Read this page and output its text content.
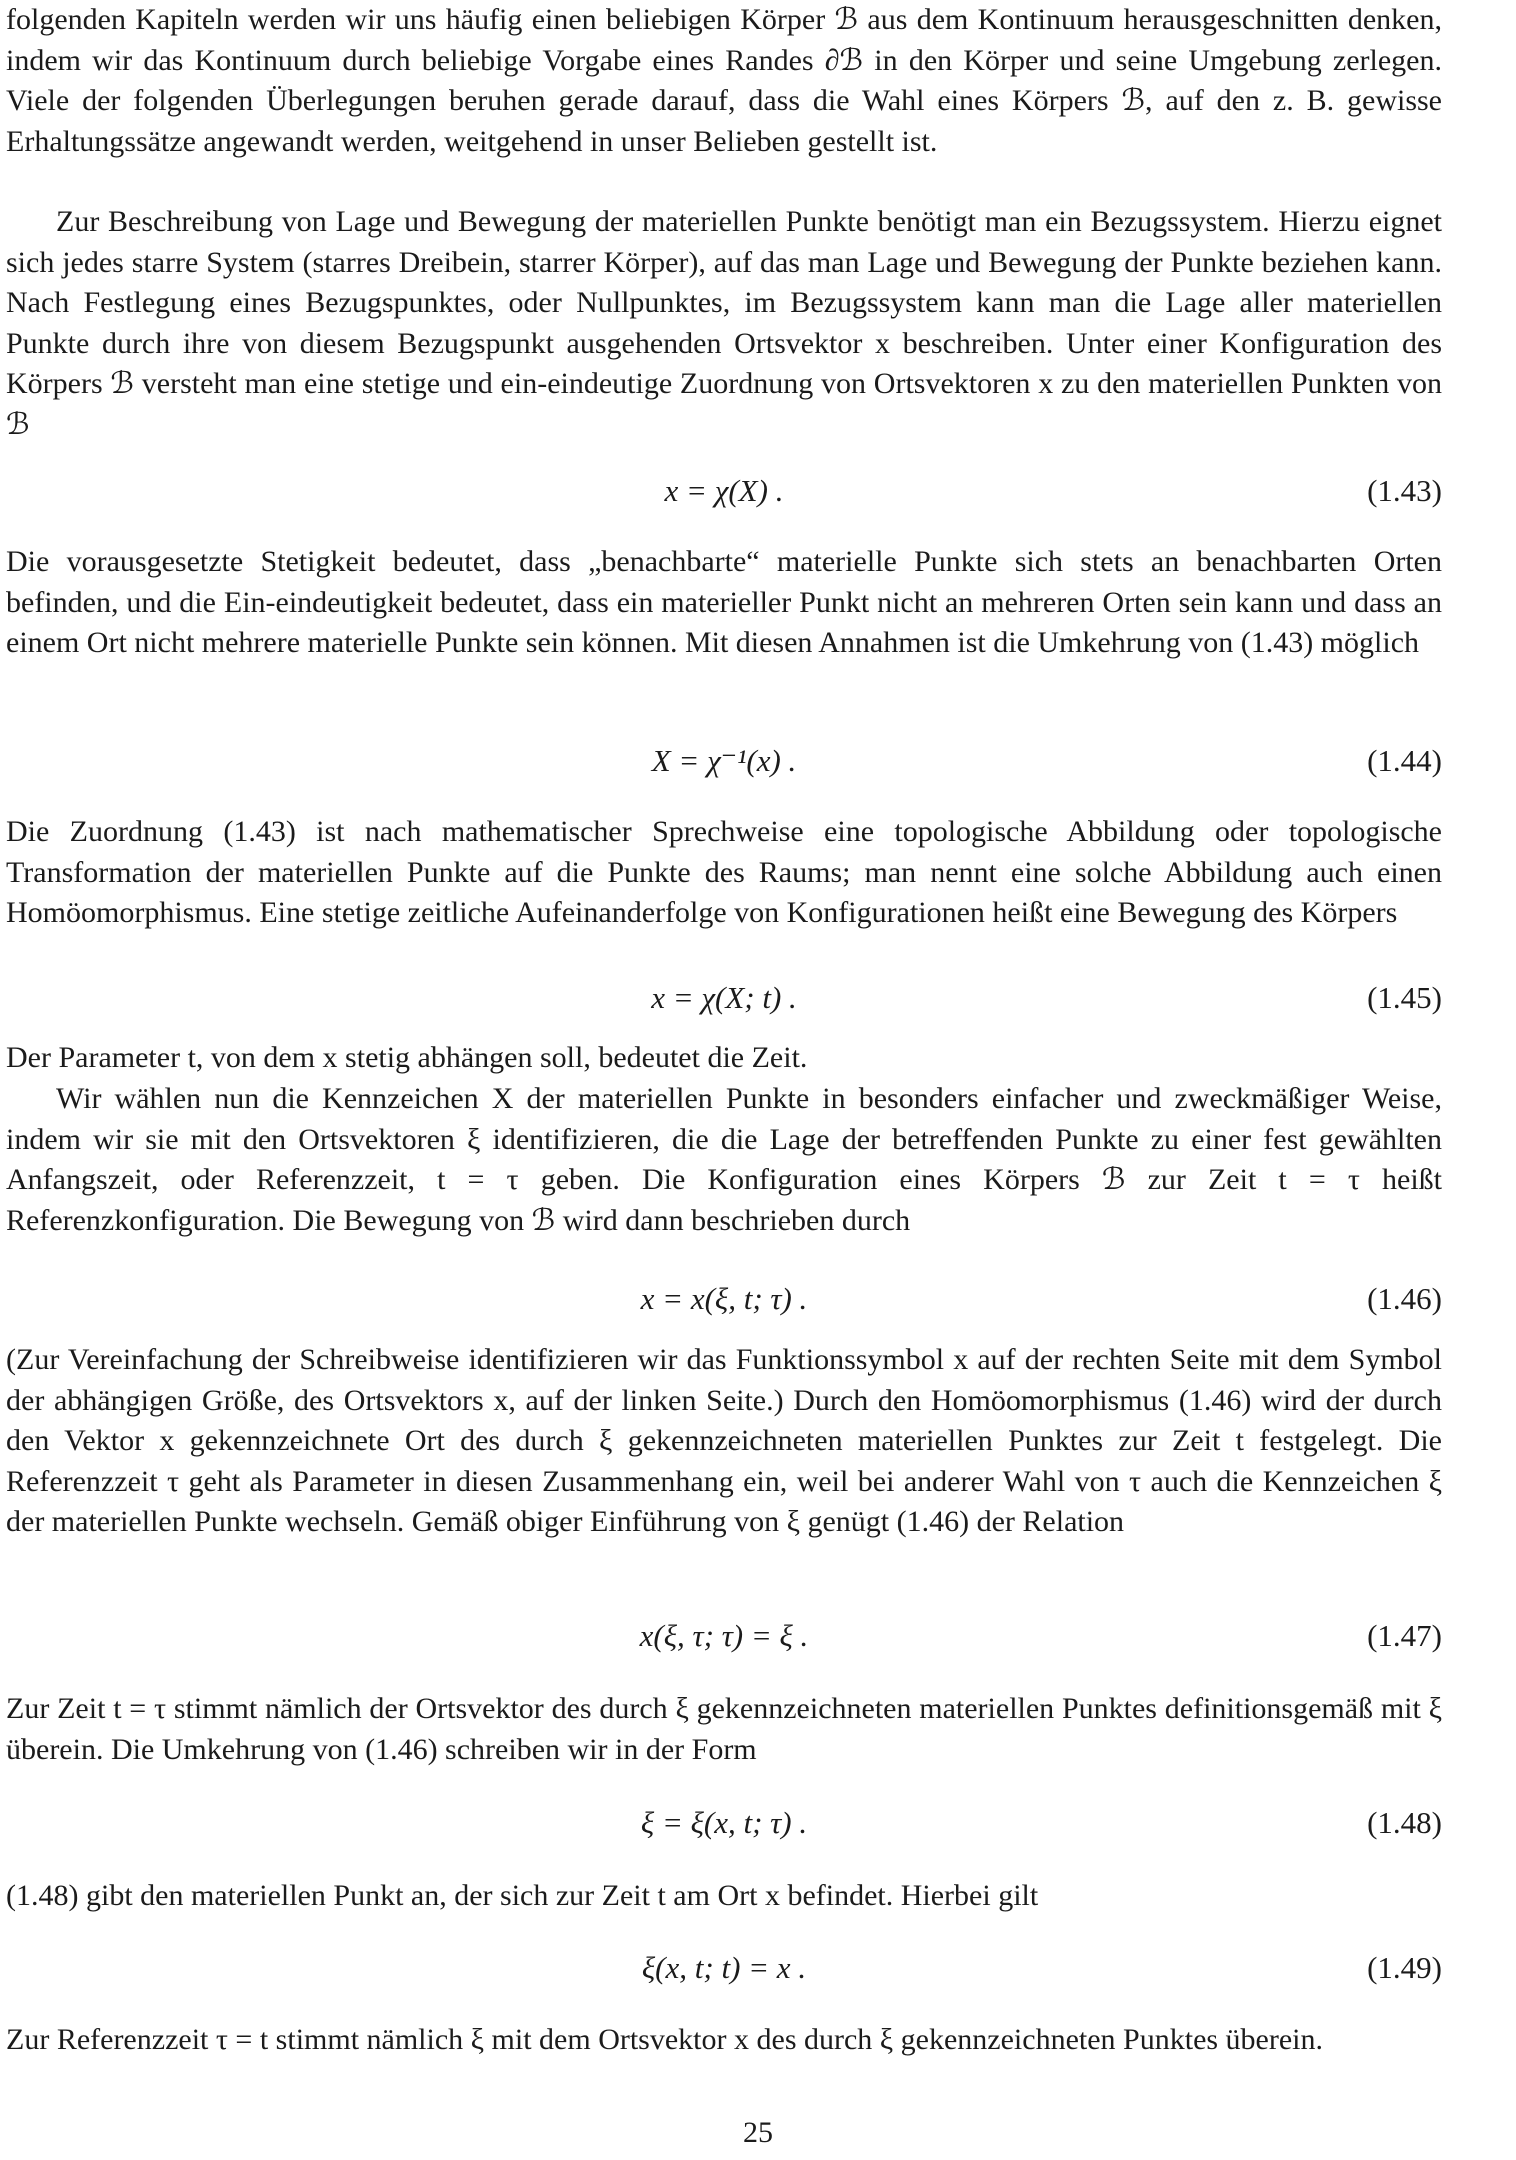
folgenden Kapiteln werden wir uns häufig einen beliebigen Körper ℬ aus dem Kontinuum herausgeschnitten denken, indem wir das Kontinuum durch beliebige Vorgabe eines Randes ∂ℬ in den Körper und seine Umgebung zerlegen. Viele der folgenden Überlegungen beruhen gerade darauf, dass die Wahl eines Körpers ℬ, auf den z. B. gewisse Erhaltungssätze angewandt werden, weitgehend in unser Belieben gestellt ist.

Zur Beschreibung von Lage und Bewegung der materiellen Punkte benötigt man ein Bezugssystem. Hierzu eignet sich jedes starre System (starres Dreibein, starrer Körper), auf das man Lage und Bewegung der Punkte beziehen kann. Nach Festlegung eines Bezugspunktes, oder Nullpunktes, im Bezugssystem kann man die Lage aller materiellen Punkte durch ihre von diesem Bezugspunkt ausgehenden Ortsvektor x beschreiben. Unter einer Konfiguration des Körpers ℬ versteht man eine stetige und ein-eindeutige Zuordnung von Ortsvektoren x zu den materiellen Punkten von ℬ

x = χ(X) .	(1.43)

Die vorausgesetzte Stetigkeit bedeutet, dass „benachbarte“ materielle Punkte sich stets an benachbarten Orten befinden, und die Ein-eindeutigkeit bedeutet, dass ein materieller Punkt nicht an mehreren Orten sein kann und dass an einem Ort nicht mehrere materielle Punkte sein können. Mit diesen Annahmen ist die Umkehrung von (1.43) möglich

X = χ⁻¹(x) .	(1.44)

Die Zuordnung (1.43) ist nach mathematischer Sprechweise eine topologische Abbildung oder topologische Transformation der materiellen Punkte auf die Punkte des Raums; man nennt eine solche Abbildung auch einen Homöomorphismus. Eine stetige zeitliche Aufeinanderfolge von Konfigurationen heißt eine Bewegung des Körpers

x = χ(X; t) .	(1.45)

Der Parameter t, von dem x stetig abhängen soll, bedeutet die Zeit.

Wir wählen nun die Kennzeichen X der materiellen Punkte in besonders einfacher und zweckmäßiger Weise, indem wir sie mit den Ortsvektoren ξ identifizieren, die die Lage der betreffenden Punkte zu einer fest gewählten Anfangszeit, oder Referenzzeit, t = τ geben. Die Konfiguration eines Körpers ℬ zur Zeit t = τ heißt Referenzkonfiguration. Die Bewegung von ℬ wird dann beschrieben durch

x = x(ξ, t; τ) .	(1.46)

(Zur Vereinfachung der Schreibweise identifizieren wir das Funktionssymbol x auf der rechten Seite mit dem Symbol der abhängigen Größe, des Ortsvektors x, auf der linken Seite.) Durch den Homöomorphismus (1.46) wird der durch den Vektor x gekennzeichnete Ort des durch ξ gekennzeichneten materiellen Punktes zur Zeit t festgelegt. Die Referenzzeit τ geht als Parameter in diesen Zusammenhang ein, weil bei anderer Wahl von τ auch die Kennzeichen ξ der materiellen Punkte wechseln. Gemäß obiger Einführung von ξ genügt (1.46) der Relation

x(ξ, τ; τ) = ξ .	(1.47)

Zur Zeit t = τ stimmt nämlich der Ortsvektor des durch ξ gekennzeichneten materiellen Punktes definitionsgemäß mit ξ überein. Die Umkehrung von (1.46) schreiben wir in der Form

ξ = ξ(x, t; τ) .	(1.48)

(1.48) gibt den materiellen Punkt an, der sich zur Zeit t am Ort x befindet. Hierbei gilt

ξ(x, t; t) = x .	(1.49)

Zur Referenzzeit τ = t stimmt nämlich ξ mit dem Ortsvektor x des durch ξ gekennzeichneten Punktes überein.

25
